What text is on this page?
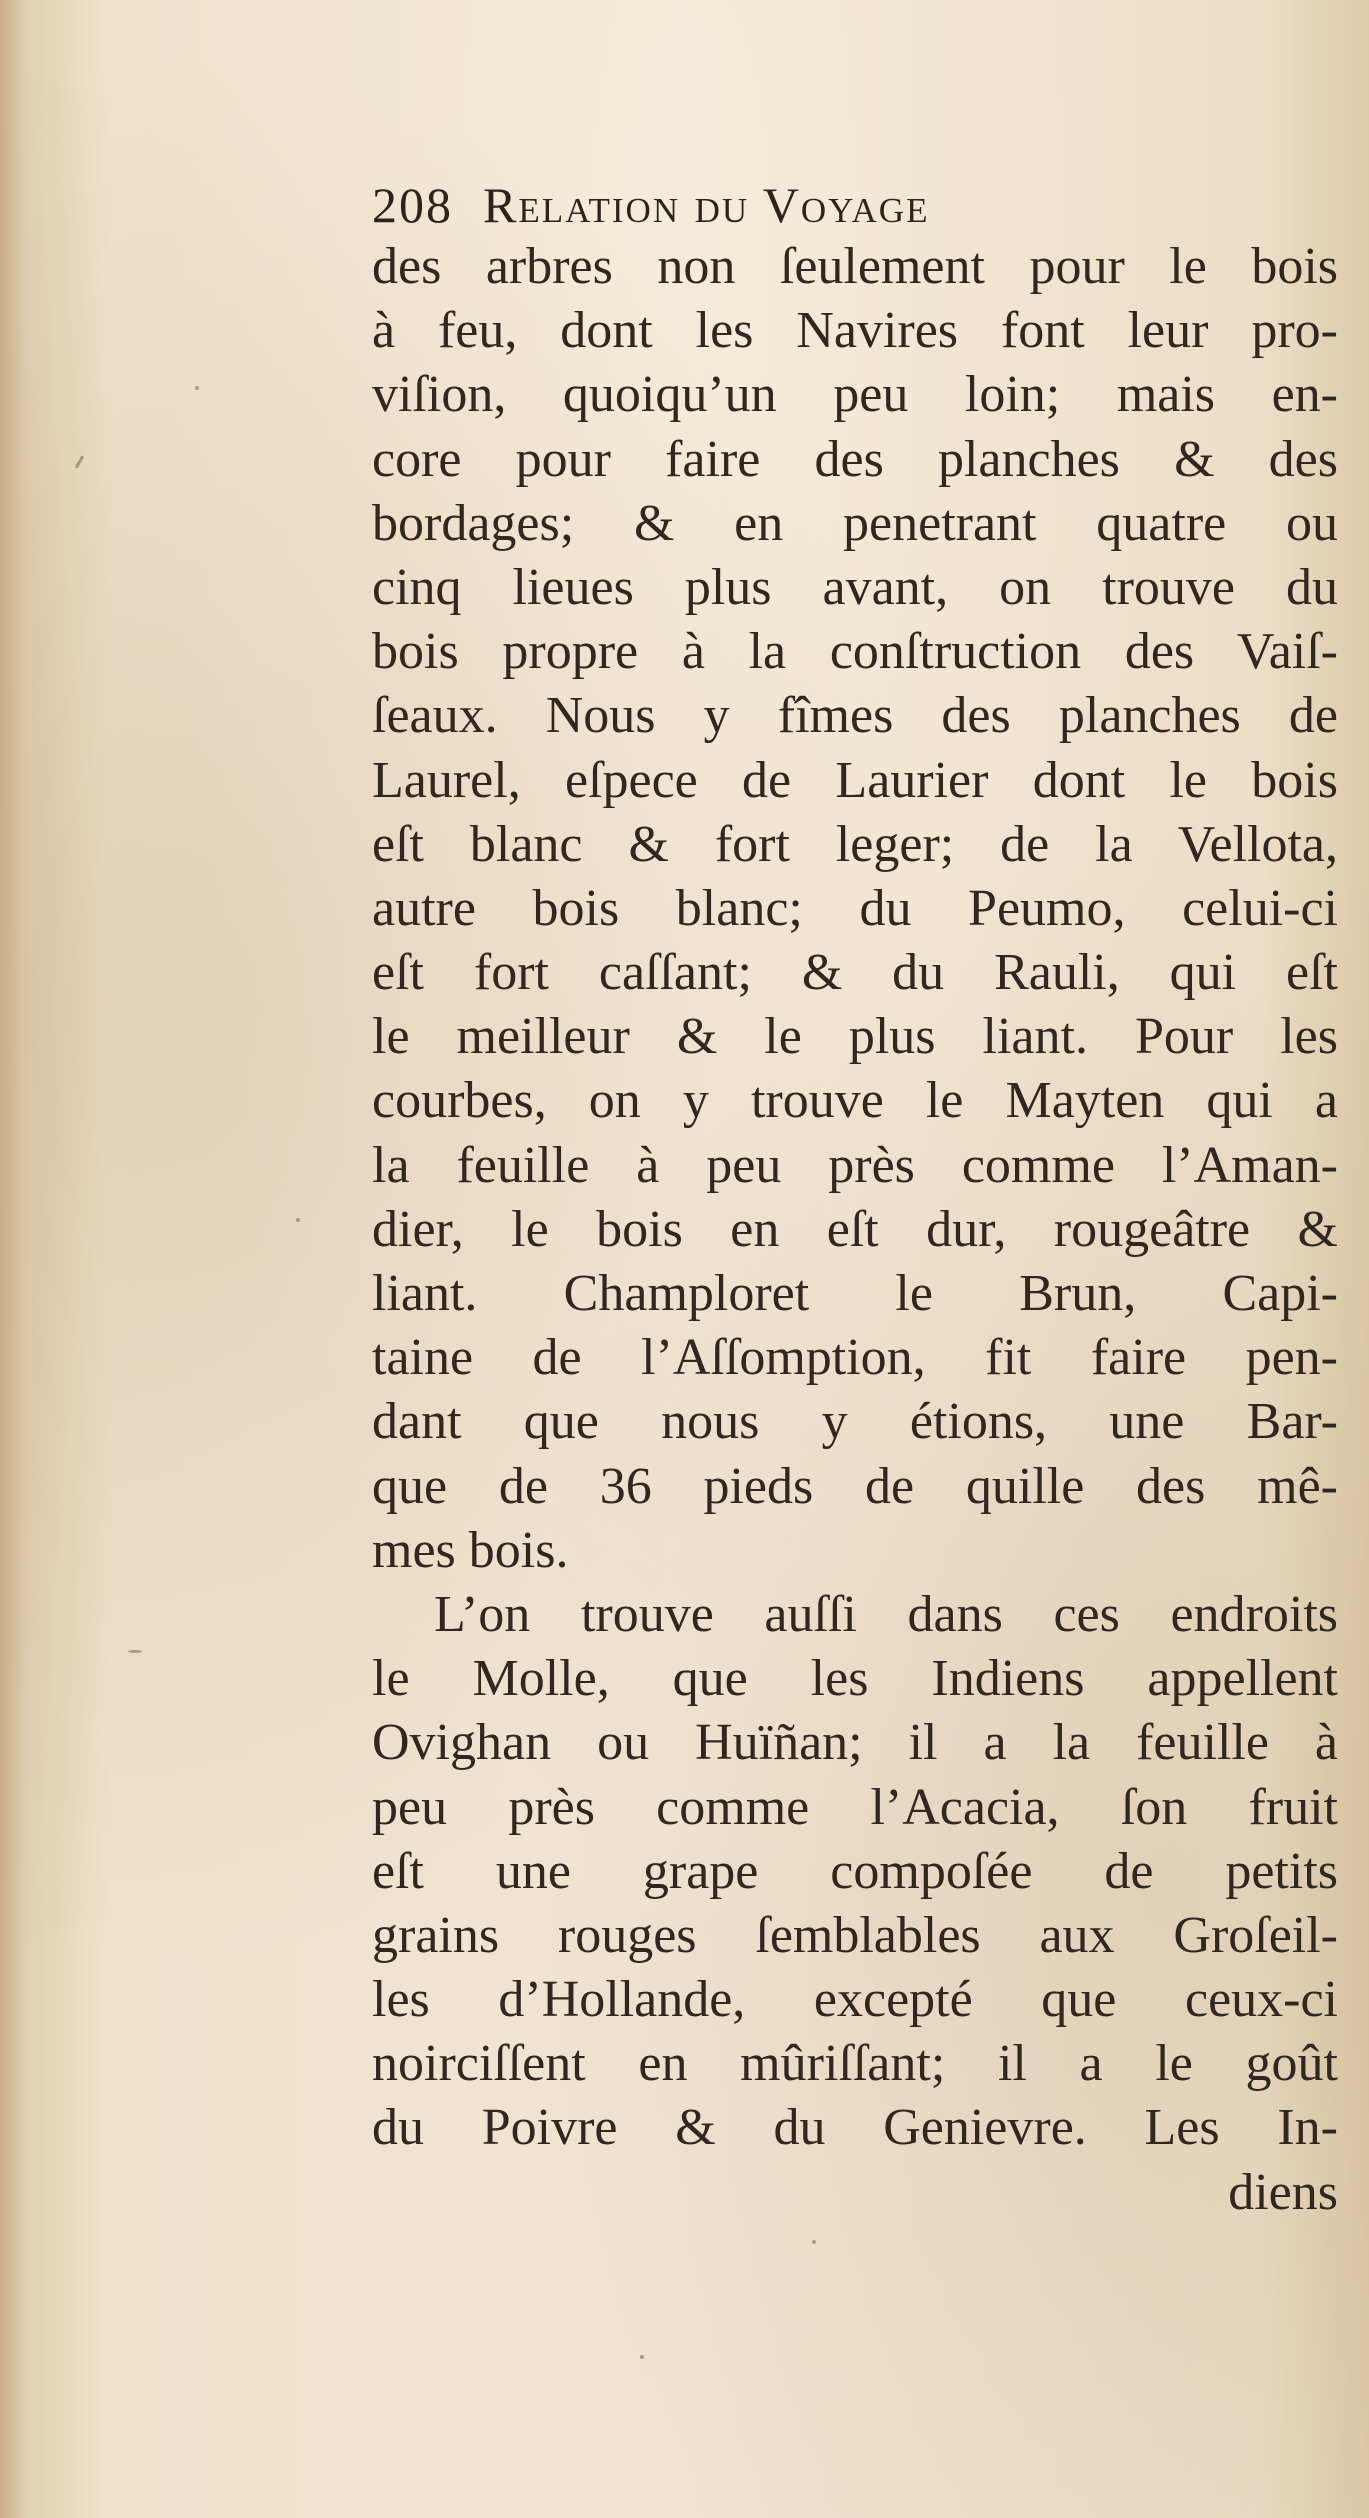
208 Relation du Voyage
des arbres non ſeulement pour le bois
à feu, dont les Navires font leur pro-
viſion, quoiqu’un peu loin; mais en-
core pour faire des planches & des
bordages; & en penetrant quatre ou
cinq lieues plus avant, on trouve du
bois propre à la conſtruction des Vaiſ-
ſeaux. Nous y fîmes des planches de
Laurel, eſpece de Laurier dont le bois
eſt blanc & fort leger; de la Vellota,
autre bois blanc; du Peumo, celui-ci
eſt fort caſſant; & du Rauli, qui eſt
le meilleur & le plus liant. Pour les
courbes, on y trouve le Mayten qui a
la feuille à peu près comme l’Aman-
dier, le bois en eſt dur, rougeâtre &
liant. Champloret le Brun, Capi-
taine de l’Aſſomption, fit faire pen-
dant que nous y étions, une Bar-
que de 36 pieds de quille des mê-
mes bois.
L’on trouve auſſi dans ces endroits
le Molle, que les Indiens appellent
Ovighan ou Huïñan; il a la feuille à
peu près comme l’Acacia, ſon fruit
eſt une grape compoſée de petits
grains rouges ſemblables aux Groſeil-
les d’Hollande, excepté que ceux-ci
noirciſſent en mûriſſant; il a le goût
du Poivre & du Genievre. Les In-
diens
